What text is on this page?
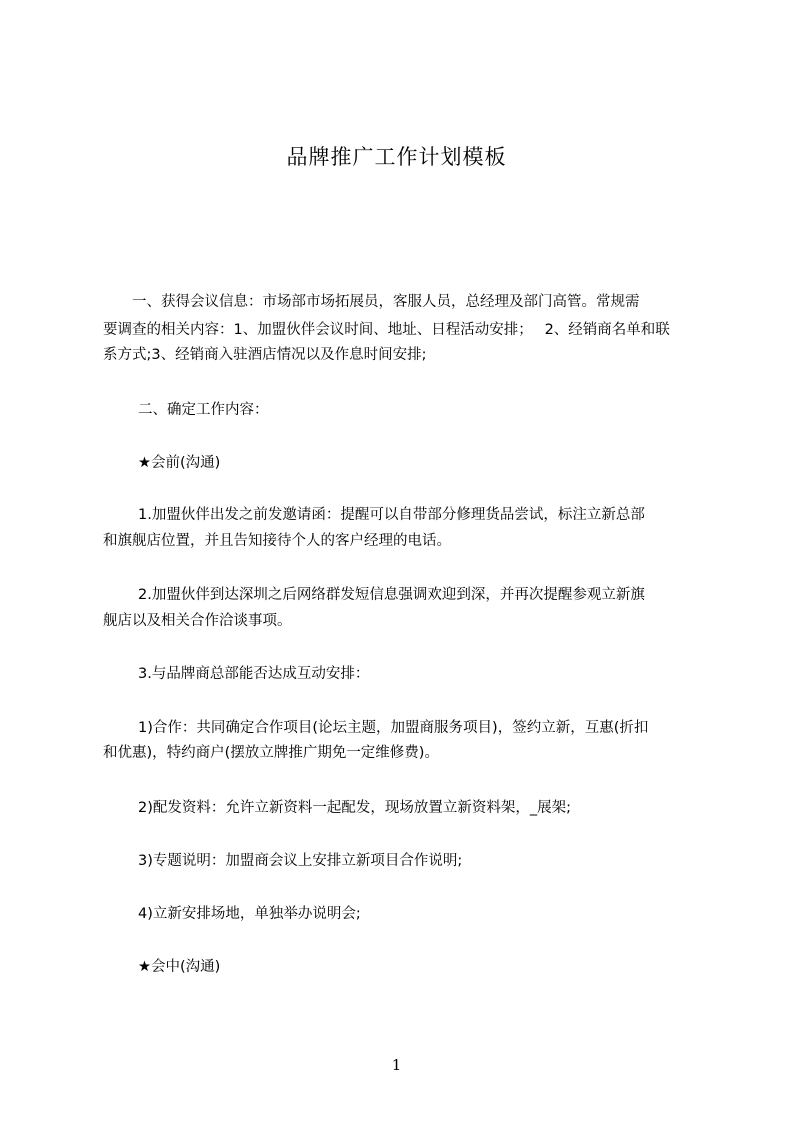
品牌推广工作计划模板
一、获得会议信息：市场部市场拓展员，客服人员，总经理及部门高管。常规需
要调查的相关内容：1、加盟伙伴会议时间、地址、日程活动安排；　 2、经销商名单和联
系方式;3、经销商入驻酒店情况以及作息时间安排;
二、确定工作内容：
★会前(沟通)
1.加盟伙伴出发之前发邀请函：提醒可以自带部分修理货品尝试，标注立新总部
和旗舰店位置，并且告知接待个人的客户经理的电话。
2.加盟伙伴到达深圳之后网络群发短信息强调欢迎到深，并再次提醒参观立新旗
舰店以及相关合作洽谈事项。
3.与品牌商总部能否达成互动安排：
1)合作：共同确定合作项目(论坛主题，加盟商服务项目)，签约立新，互惠(折扣
和优惠)，特约商户(摆放立牌推广期免一定维修费)。
2)配发资料：允许立新资料一起配发，现场放置立新资料架，_展架;
3)专题说明：加盟商会议上安排立新项目合作说明;
4)立新安排场地，单独举办说明会;
★会中(沟通)
1
